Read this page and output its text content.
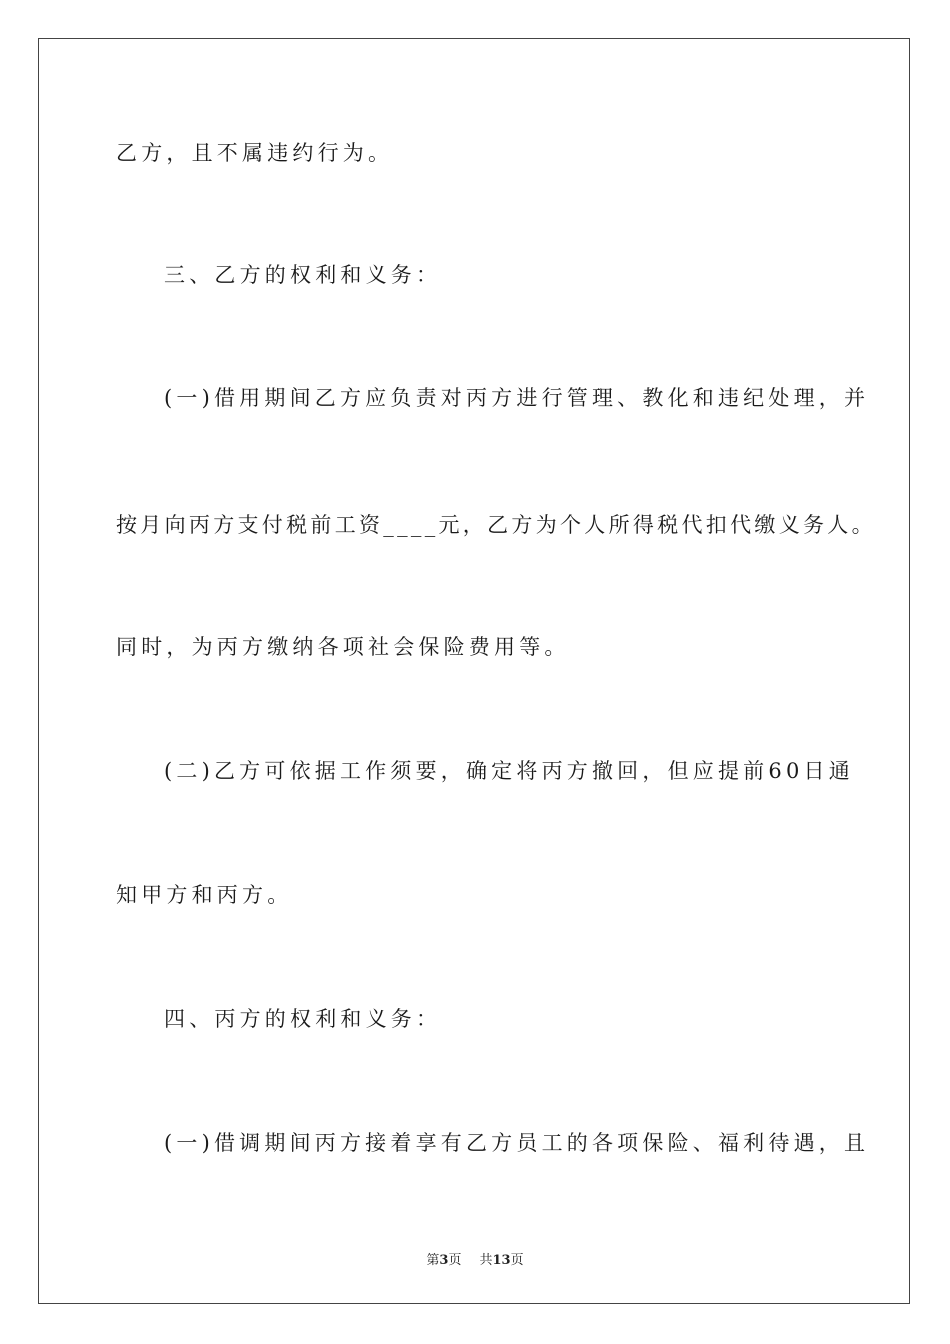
乙方，且不属违约行为。
三、乙方的权利和义务：
(一)借用期间乙方应负责对丙方进行管理、教化和违纪处理，并
按月向丙方支付税前工资____元，乙方为个人所得税代扣代缴义务人。
同时，为丙方缴纳各项社会保险费用等。
(二)乙方可依据工作须要，确定将丙方撤回，但应提前60日通
知甲方和丙方。
四、丙方的权利和义务：
(一)借调期间丙方接着享有乙方员工的各项保险、福利待遇，且
第3页 共13页
